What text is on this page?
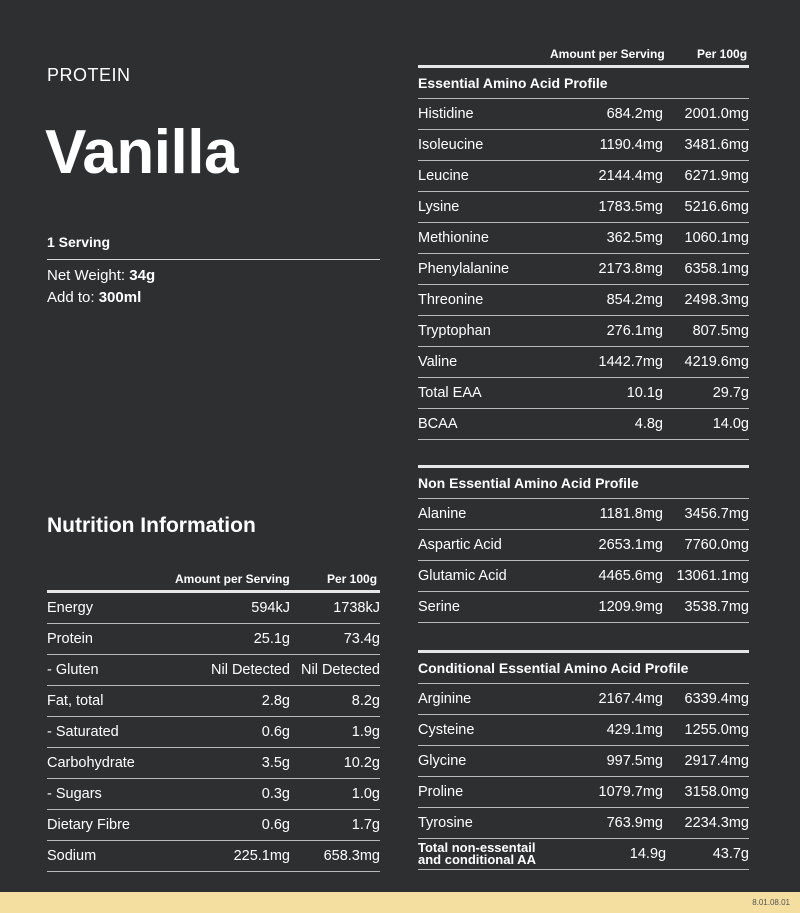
PROTEIN
Vanilla
1 Serving
Net Weight: 34g
Add to: 300ml
Nutrition Information
Amount per Serving	Per 100g
Energy	594kJ	1738kJ
Protein	25.1g	73.4g
- Gluten	Nil Detected Nil Detected
Fat, total	2.8g	8.2g
- Saturated	0.6g	1.9g
Carbohydrate	3.5g	10.2g
- Sugars	0.3g	1.0g
Dietary Fibre	0.6g	1.7g
Sodium	225.1mg	658.3mg
Amount per Serving	Per 100g
Essential Amino Acid Profile
Histidine	684.2mg	2001.0mg
Isoleucine	1190.4mg	3481.6mg
Leucine	2144.4mg	6271.9mg
Lysine	1783.5mg	5216.6mg
Methionine	362.5mg	1060.1mg
Phenylalanine	2173.8mg	6358.1mg
Threonine	854.2mg	2498.3mg
Tryptophan	276.1mg	807.5mg
Valine	1442.7mg	4219.6mg
Total EAA	10.1g	29.7g
BCAA	4.8g	14.0g
Non Essential Amino Acid Profile
Alanine	1181.8mg	3456.7mg
Aspartic Acid	2653.1mg	7760.0mg
Glutamic Acid	4465.6mg 13061.1mg
Serine	1209.9mg	3538.7mg
Conditional Essential Amino Acid Profile
Arginine	2167.4mg	6339.4mg
Cysteine	429.1mg	1255.0mg
Glycine	997.5mg	2917.4mg
Proline	1079.7mg	3158.0mg
Tyrosine	763.9mg	2234.3mg
Total non-essentail
and conditional AA	14.9g	43.7g
8.01.08.01
